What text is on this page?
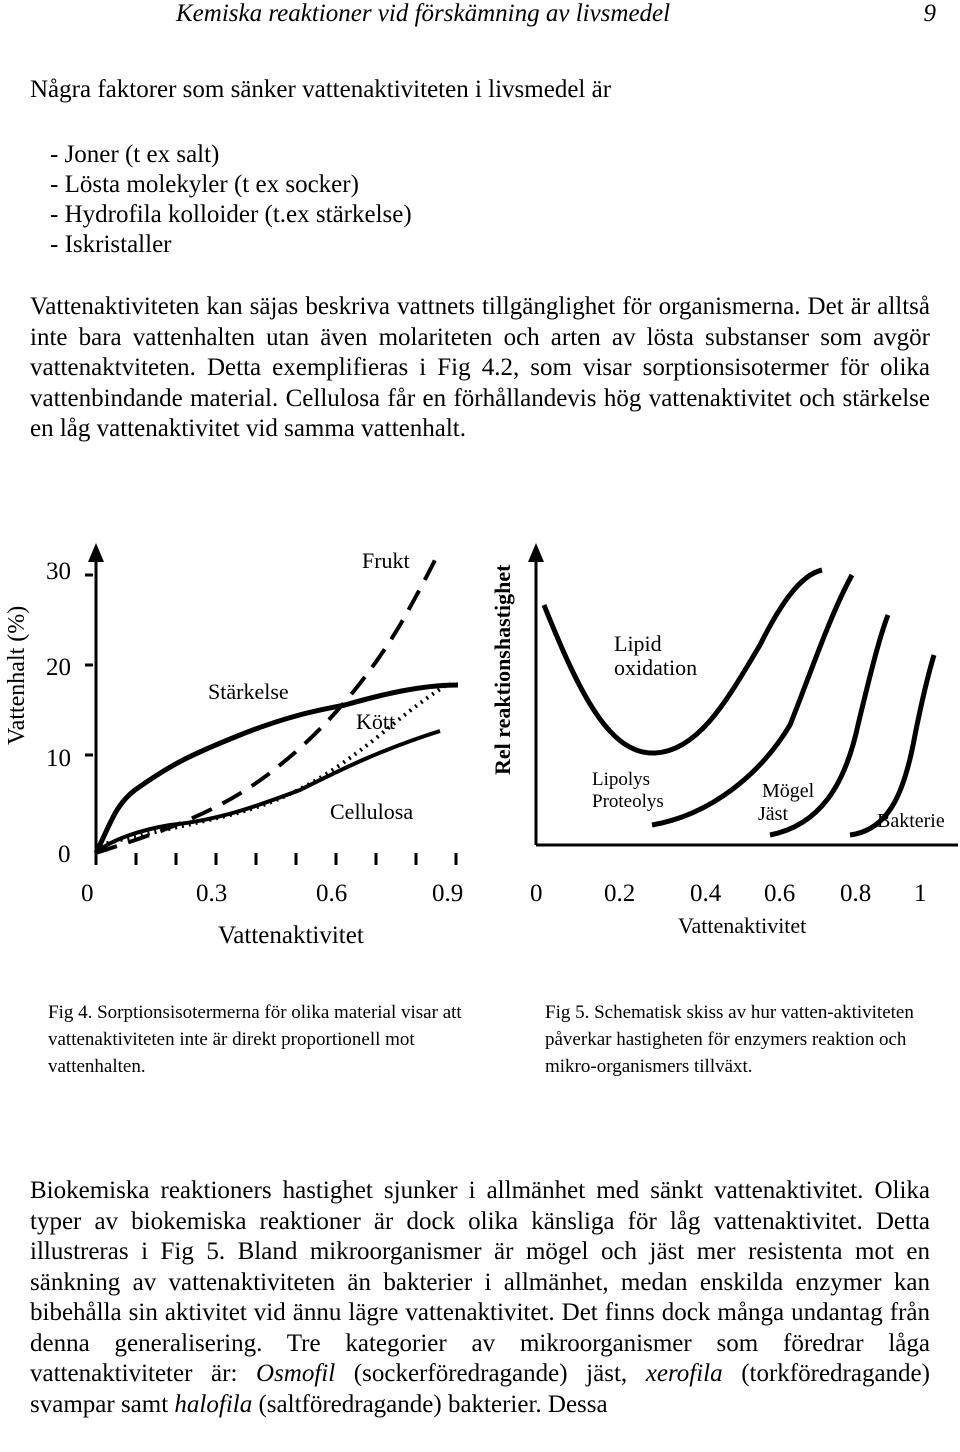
Kemiska reaktioner vid förskämning av livsmedel	9
Några faktorer som sänker vattenaktiviteten i livsmedel är
- Joner (t ex salt)
- Lösta molekyler (t ex socker)
- Hydrofila kolloider (t.ex stärkelse)
- Iskristaller

Vattenaktiviteten kan säjas beskriva vattnets tillgänglighet för organismerna. Det är alltså inte bara vattenhalten utan även molariteten och arten av lösta substanser som avgör vattenaktviteten. Detta exemplifieras i Fig 4.2, som visar sorptionsisotermer för olika vattenbindande material. Cellulosa får en förhållandevis hög vattenaktivitet och stärkelse en låg vattenaktivitet vid samma vattenhalt.

30
20
10
0
Vattenhalt (%)
0	0.3	0.6	0.9
Vattenaktivitet
Frukt
Stärkelse
Kött
Cellulosa
Rel reaktionshastighet
0 0.2 0.4 0.6 0.8 1
Vattenaktivitet
Lipid
oxidation
Lipolys
Proteolys	Mögel
Jäst	Bakterie

Fig 4. Sorptionsisotermerna för olika material visar att vattenaktiviteten inte är direkt proportionell mot vattenhalten.

Fig 5. Schematisk skiss av hur vatten-aktiviteten påverkar hastigheten för enzymers reaktion och mikro-organismers tillväxt.

Biokemiska reaktioners hastighet sjunker i allmänhet med sänkt vattenaktivitet. Olika typer av biokemiska reaktioner är dock olika känsliga för låg vattenaktivitet. Detta illustreras i Fig 5. Bland mikroorganismer är mögel och jäst mer resistenta mot en sänkning av vattenaktiviteten än bakterier i allmänhet, medan enskilda enzymer kan bibehålla sin aktivitet vid ännu lägre vattenaktivitet. Det finns dock många undantag från denna generalisering. Tre kategorier av mikroorganismer som föredrar låga vattenaktiviteter är: Osmofil (sockerföredragande) jäst, xerofila (torkföredragande) svampar samt halofila (saltföredragande) bakterier. Dessa
